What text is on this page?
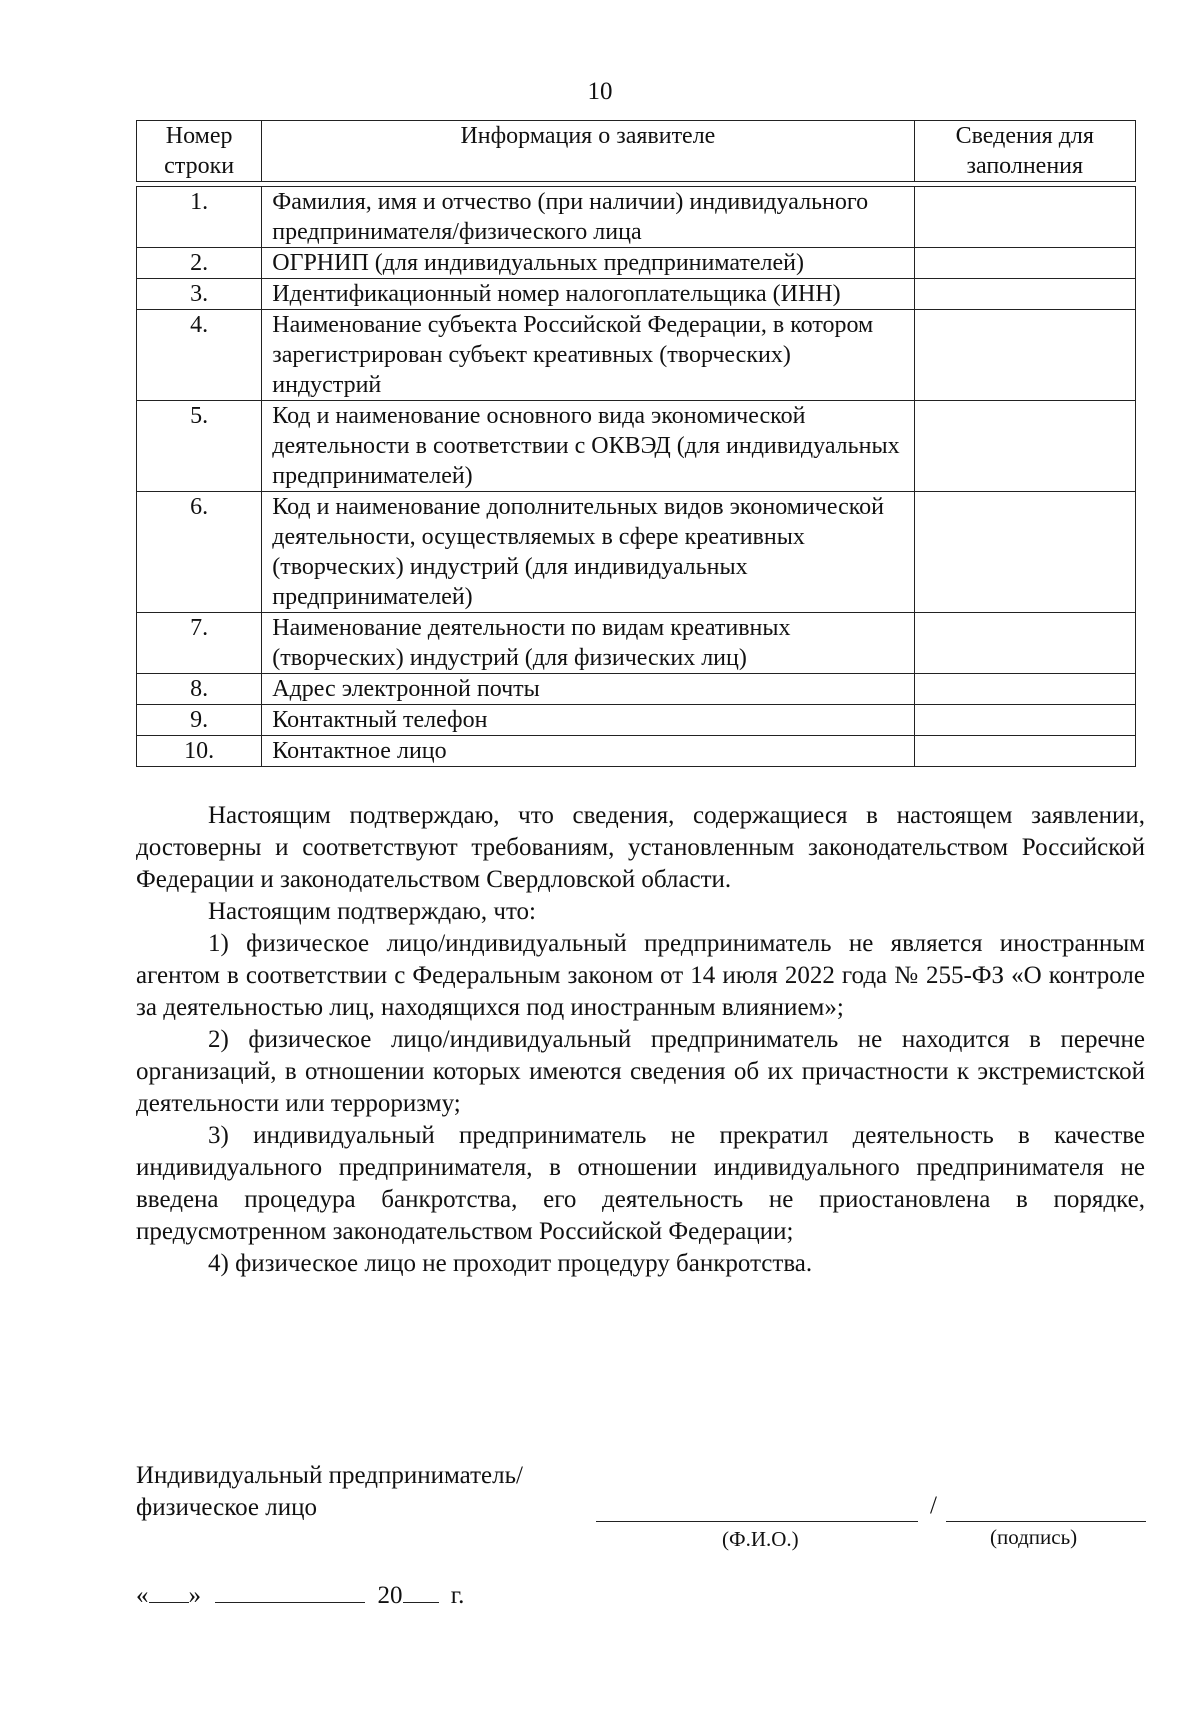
10
Номер строки	Информация о заявителе	Сведения для заполнения

1.	Фамилия, имя и отчество (при наличии) индивидуального предпринимателя/физического лица	
2.	ОГРНИП (для индивидуальных предпринимателей)	
3.	Идентификационный номер налогоплательщика (ИНН)	
4.	Наименование субъекта Российской Федерации, в котором зарегистрирован субъект креативных (творческих) индустрий	
5.	Код и наименование основного вида экономической деятельности в соответствии с ОКВЭД (для индивидуальных предпринимателей)	
6.	Код и наименование дополнительных видов экономической деятельности, осуществляемых в сфере креативных (творческих) индустрий (для индивидуальных предпринимателей)	
7.	Наименование деятельности по видам креативных (творческих) индустрий (для физических лиц)	
8.	Адрес электронной почты	
9.	Контактный телефон	
10.	Контактное лицо	

Настоящим подтверждаю, что сведения, содержащиеся в настоящем заявлении, достоверны и соответствуют требованиям, установленным законодательством Российской Федерации и законодательством Свердловской области.

Настоящим подтверждаю, что:

1) физическое лицо/индивидуальный предприниматель не является иностранным агентом в соответствии с Федеральным законом от 14 июля 2022 года № 255-ФЗ «О контроле за деятельностью лиц, находящихся под иностранным влиянием»;

2) физическое лицо/индивидуальный предприниматель не находится в перечне организаций, в отношении которых имеются сведения об их причастности к экстремистской деятельности или терроризму;

3) индивидуальный предприниматель не прекратил деятельность в качестве индивидуального предпринимателя, в отношении индивидуального предпринимателя не введена процедура банкротства, его деятельность не приостановлена в порядке, предусмотренном законодательством Российской Федерации;

4) физическое лицо не проходит процедуру банкротства.

Индивидуальный предприниматель/
физическое лицо	/
(Ф.И.О.)	(подпись)
« »	20 г.
